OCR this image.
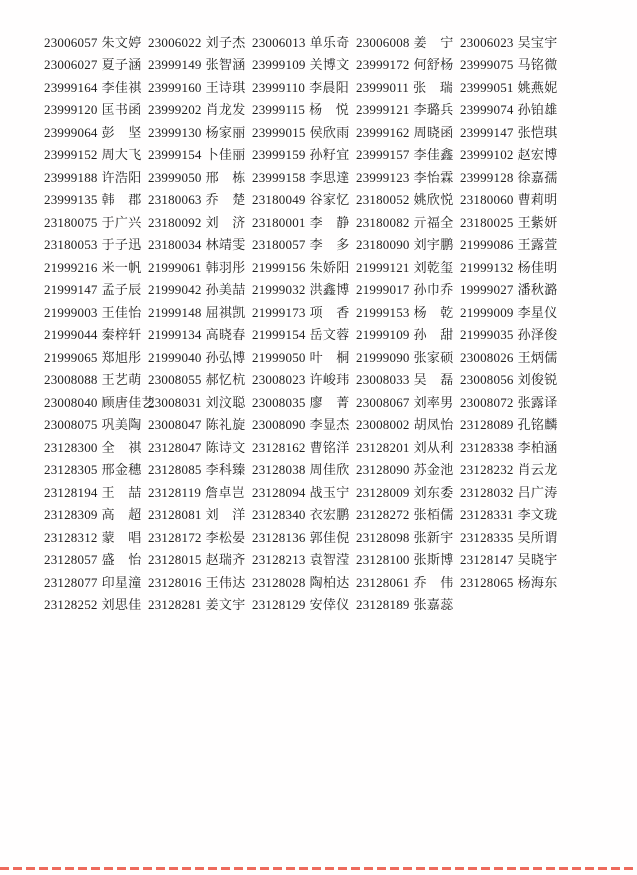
23006057 朱文婷 23006022 刘子杰 23006013 单乐奇 23006008 姜　宁 23006023 吴宝宇
23006027 夏子涵 23999149 张智涵 23999109 关博文 23999172 何舒杨 23999075 马铭微
23999164 李佳祺 23999160 王诗琪 23999110 李晨阳 23999011 张　瑞 23999051 姚燕妮
23999120 匡书函 23999202 肖龙发 23999115 杨　悦 23999121 李璐兵 23999074 孙铂雄
23999064 彭　坚 23999130 杨家丽 23999015 侯欣雨 23999162 周晓函 23999147 张恺琪
23999152 周大飞 23999154 卜佳丽 23999159 孙籽宜 23999157 李佳鑫 23999102 赵宏博
23999188 许浩阳 23999050 邢　栋 23999158 李思達 23999123 李怡霖 23999128 徐嘉孺
23999135 韩　郡 23180063 乔　楚 23180049 谷家忆 23180052 姚欣悦 23180060 曹莉明
23180075 于广兴 23180092 刘　济 23180001 李　静 23180082 亓福全 23180025 王紫妍
23180053 于子迅 23180034 林靖雯 23180057 李　多 23180090 刘宇鹏 21999086 王露萱
21999216 米一帆 21999061 韩羽彤 21999156 朱娇阳 21999121 刘乾玺 21999132 杨佳明
21999147 孟子辰 21999042 孙美喆 21999032 洪鑫博 21999017 孙巾乔 19999027 潘秋潞
21999003 王佳怡 21999148 屈祺凯 21999173 项　香 21999153 杨　乾 21999009 李星仪
21999044 秦梓轩 21999134 高晓春 21999154 岳文蓉 21999109 孙　甜 21999035 孙泽俊
21999065 郑旭彤 21999040 孙弘博 21999050 叶　桐 21999090 张家硕 23008026 王炳儒
23008088 王艺萌 23008055 郝忆杭 23008023 许峻玮 23008033 吴　磊 23008056 刘俊锐
23008040 顾唐佳艺
23008031 刘汶聪 23008035 廖　菁 23008067 刘率男 23008072 张露译
23008075 巩美陶 23008047 陈礼旋 23008090 李显杰 23008002 胡凤怡 23128089 孔铭麟
23128300 全　祺 23128047 陈诗文 23128162 曹铭洋 23128201 刘从利 23128338 李柏涵
23128305 邢金穗 23128085 李科臻 23128038 周佳欣 23128090 苏金池 23128232 肖云龙
23128194 王　喆 23128119 詹卓岂 23128094 战玉宁 23128009 刘东委 23128032 吕广涛
23128309 高　超 23128081 刘　洋 23128340 衣宏鹏 23128272 张栢儒 23128331 李文珑
23128312 蒙　唱 23128172 李松晏 23128136 郭佳倪 23128098 张新宇 23128335 吴所谓
23128057 盛　怡 23128015 赵瑞齐 23128213 袁智滢 23128100 张斯博 23128147 吴晓宇
23128077 印星潼 23128016 王伟达 23128028 陶柏达 23128061 乔　伟 23128065 杨海东
23128252 刘思佳 23128281 姜文宇 23128129 安倖仪 23128189 张嘉蕊
